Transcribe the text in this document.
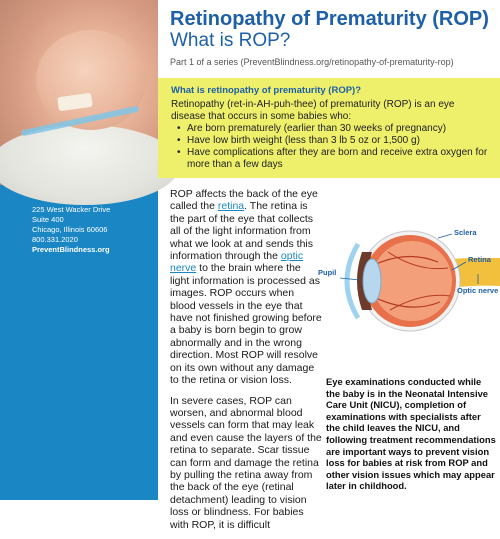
225 West Wacker Drive
Suite 400
Chicago, Illinois 60606
800.331.2020
PreventBlindness.org
Retinopathy of Prematurity (ROP)
What is ROP?
Part 1 of a series (PreventBlindness.org/retinopathy-of-prematurity-rop)
What is retinopathy of prematurity (ROP)?
Retinopathy (ret-in-AH-puh-thee) of prematurity (ROP) is an eye disease that occurs in some babies who:
• Are born prematurely (earlier than 30 weeks of pregnancy)
• Have low birth weight (less than 3 lb 5 oz or 1,500 g)
• Have complications after they are born and receive extra oxygen for more than a few days

ROP affects the back of the eye called the retina. The retina is the part of the eye that collects all of the light information from what we look at and sends this information through the optic nerve to the brain where the light information is processed as images. ROP occurs when blood vessels in the eye that have not finished growing before a baby is born begin to grow abnormally and in the wrong direction. Most ROP will resolve on its own without any damage to the retina or vision loss.

In severe cases, ROP can worsen, and abnormal blood vessels can form that may leak and even cause the layers of the retina to separate. Scar tissue can form and damage the retina by pulling the retina away from the back of the eye (retinal detachment) leading to vision loss or blindness. For babies with ROP, it is difficult

Pupil
Sclera
Retina
Optic nerve
Eye examinations conducted while the baby is in the Neonatal Intensive Care Unit (NICU), completion of examinations with specialists after the child leaves the NICU, and following treatment recommendations are important ways to prevent vision loss for babies at risk from ROP and other vision issues which may appear later in childhood.
